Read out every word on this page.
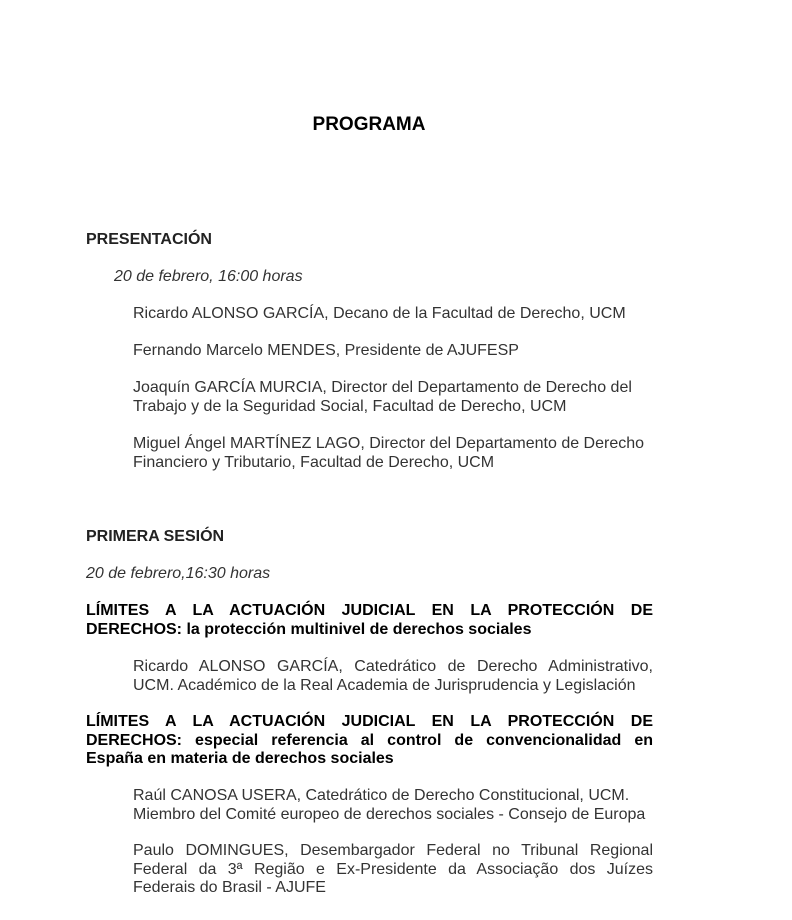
PROGRAMA
PRESENTACIÓN
20 de febrero, 16:00 horas
Ricardo ALONSO GARCÍA, Decano de la Facultad de Derecho, UCM
Fernando Marcelo MENDES, Presidente de AJUFESP
Joaquín GARCÍA MURCIA, Director del Departamento de Derecho del
Trabajo y de la Seguridad Social, Facultad de Derecho, UCM
Miguel Ángel MARTÍNEZ LAGO, Director del Departamento de Derecho
Financiero y Tributario, Facultad de Derecho, UCM
PRIMERA SESIÓN
20 de febrero,16:30 horas
LÍMITES A LA ACTUACIÓN JUDICIAL EN LA PROTECCIÓN DE
DERECHOS: la protección multinivel de derechos sociales
Ricardo ALONSO GARCÍA, Catedrático de Derecho Administrativo,
UCM. Académico de la Real Academia de Jurisprudencia y Legislación
LÍMITES A LA ACTUACIÓN JUDICIAL EN LA PROTECCIÓN DE
DERECHOS: especial referencia al control de convencionalidad en
España en materia de derechos sociales
Raúl CANOSA USERA, Catedrático de Derecho Constitucional, UCM.
Miembro del Comité europeo de derechos sociales - Consejo de Europa
Paulo DOMINGUES, Desembargador Federal no Tribunal Regional
Federal da 3ª Região e Ex-Presidente da Associação dos Juízes
Federais do Brasil - AJUFE
